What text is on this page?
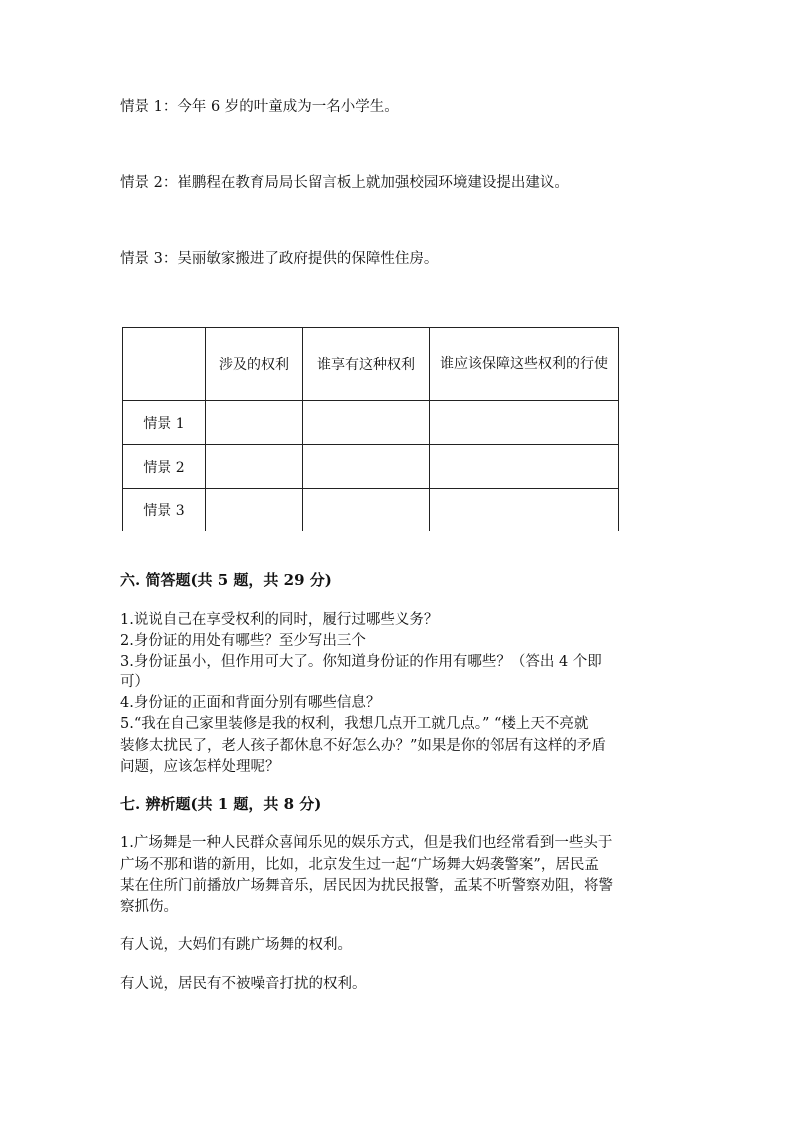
情景 1：今年 6 岁的叶童成为一名小学生。
情景 2：崔鹏程在教育局局长留言板上就加强校园环境建设提出建议。
情景 3：吴丽敏家搬进了政府提供的保障性住房。
	涉及的权利	谁享有这种权利	谁应该保障这些权利的行使
情景 1			
情景 2			
情景 3			
六. 简答题(共 5 题，共 29 分)
1.说说自己在享受权利的同时，履行过哪些义务？
2.身份证的用处有哪些？至少写出三个
3.身份证虽小，但作用可大了。你知道身份证的作用有哪些？（答出 4 个即
可）
4.身份证的正面和背面分别有哪些信息？
5.“我在自己家里装修是我的权利，我想几点开工就几点。” “楼上天不亮就
装修太扰民了，老人孩子都休息不好怎么办？”如果是你的邻居有这样的矛盾
问题，应该怎样处理呢？
七. 辨析题(共 1 题，共 8 分)
1.广场舞是一种人民群众喜闻乐见的娱乐方式，但是我们也经常看到一些头于
广场不那和谐的新用，比如，北京发生过一起“广场舞大妈袭警案”，居民孟
某在住所门前播放广场舞音乐，居民因为扰民报警，孟某不听警察劝阻，将警
察抓伤。
有人说，大妈们有跳广场舞的权利。
有人说，居民有不被噪音打扰的权利。
